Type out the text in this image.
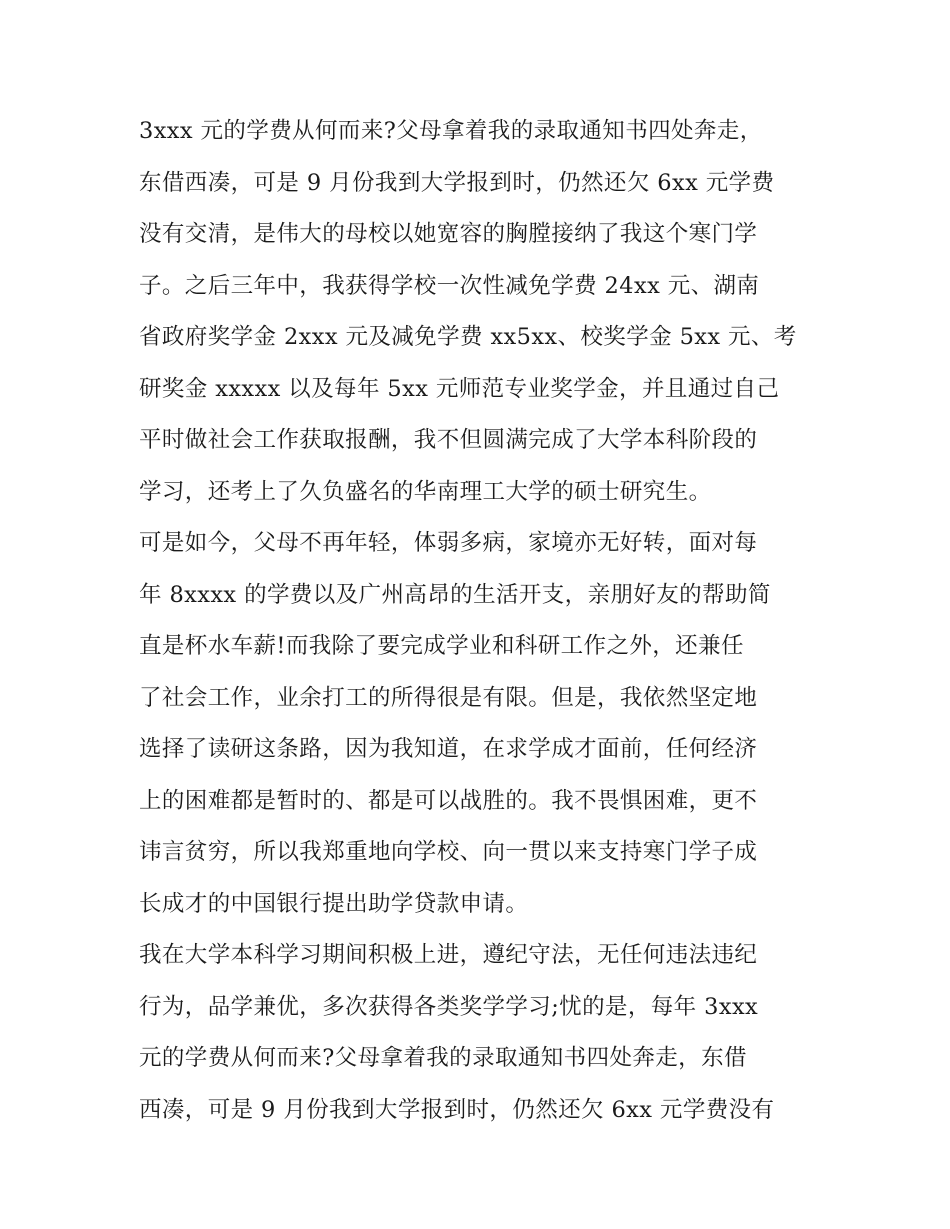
3xxx 元的学费从何而来?父母拿着我的录取通知书四处奔走，
东借西凑，可是 9 月份我到大学报到时，仍然还欠 6xx 元学费
没有交清，是伟大的母校以她宽容的胸膛接纳了我这个寒门学
子。之后三年中，我获得学校一次性减免学费 24xx 元、湖南
省政府奖学金 2xxx 元及减免学费 xx5xx、校奖学金 5xx 元、考
研奖金 xxxxx 以及每年 5xx 元师范专业奖学金，并且通过自己
平时做社会工作获取报酬，我不但圆满完成了大学本科阶段的
学习，还考上了久负盛名的华南理工大学的硕士研究生。
可是如今，父母不再年轻，体弱多病，家境亦无好转，面对每
年 8xxxx 的学费以及广州高昂的生活开支，亲朋好友的帮助简
直是杯水车薪!而我除了要完成学业和科研工作之外，还兼任
了社会工作，业余打工的所得很是有限。但是，我依然坚定地
选择了读研这条路，因为我知道，在求学成才面前，任何经济
上的困难都是暂时的、都是可以战胜的。我不畏惧困难，更不
讳言贫穷，所以我郑重地向学校、向一贯以来支持寒门学子成
长成才的中国银行提出助学贷款申请。
我在大学本科学习期间积极上进，遵纪守法，无任何违法违纪
行为，品学兼优，多次获得各类奖学学习;忧的是，每年 3xxx
元的学费从何而来?父母拿着我的录取通知书四处奔走，东借
西凑，可是 9 月份我到大学报到时，仍然还欠 6xx 元学费没有
